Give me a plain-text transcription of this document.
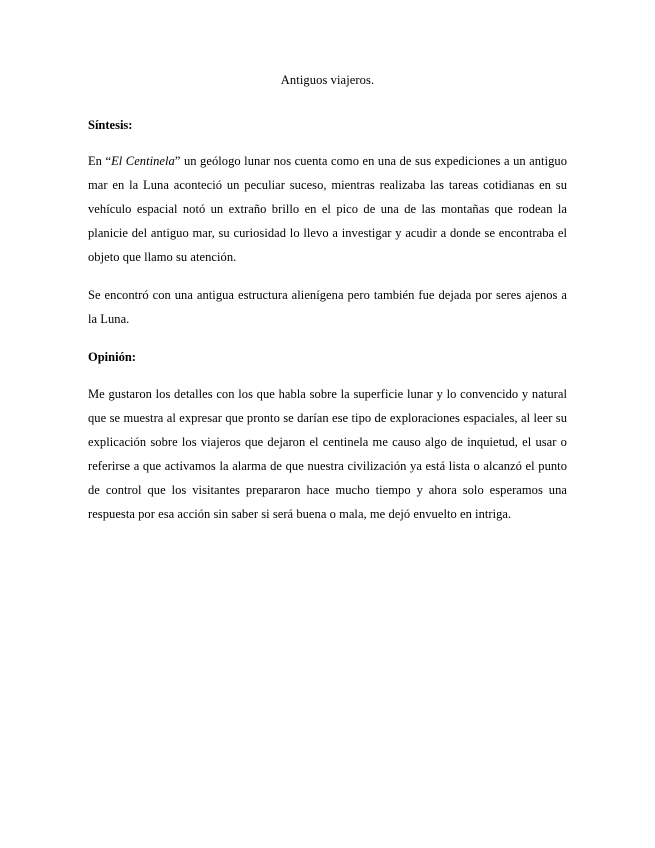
Antiguos viajeros.
Síntesis:

En “El Centinela” un geólogo lunar nos cuenta como en una de sus expediciones a un antiguo mar en la Luna aconteció un peculiar suceso, mientras realizaba las tareas cotidianas en su vehículo espacial notó un extraño brillo en el pico de una de las montañas que rodean la planicie del antiguo mar, su curiosidad lo llevo a investigar y acudir a donde se encontraba el objeto que llamo su atención.

Se encontró con una antigua estructura alienígena pero también fue dejada por seres ajenos a la Luna.

Opinión:

Me gustaron los detalles con los que habla sobre la superficie lunar y lo convencido y natural que se muestra al expresar que pronto se darían ese tipo de exploraciones espaciales, al leer su explicación sobre los viajeros que dejaron el centinela me causo algo de inquietud, el usar o referirse a que activamos la alarma de que nuestra civilización ya está lista o alcanzó el punto de control que los visitantes prepararon hace mucho tiempo y ahora solo esperamos una respuesta por esa acción sin saber si será buena o mala, me dejó envuelto en intriga.
